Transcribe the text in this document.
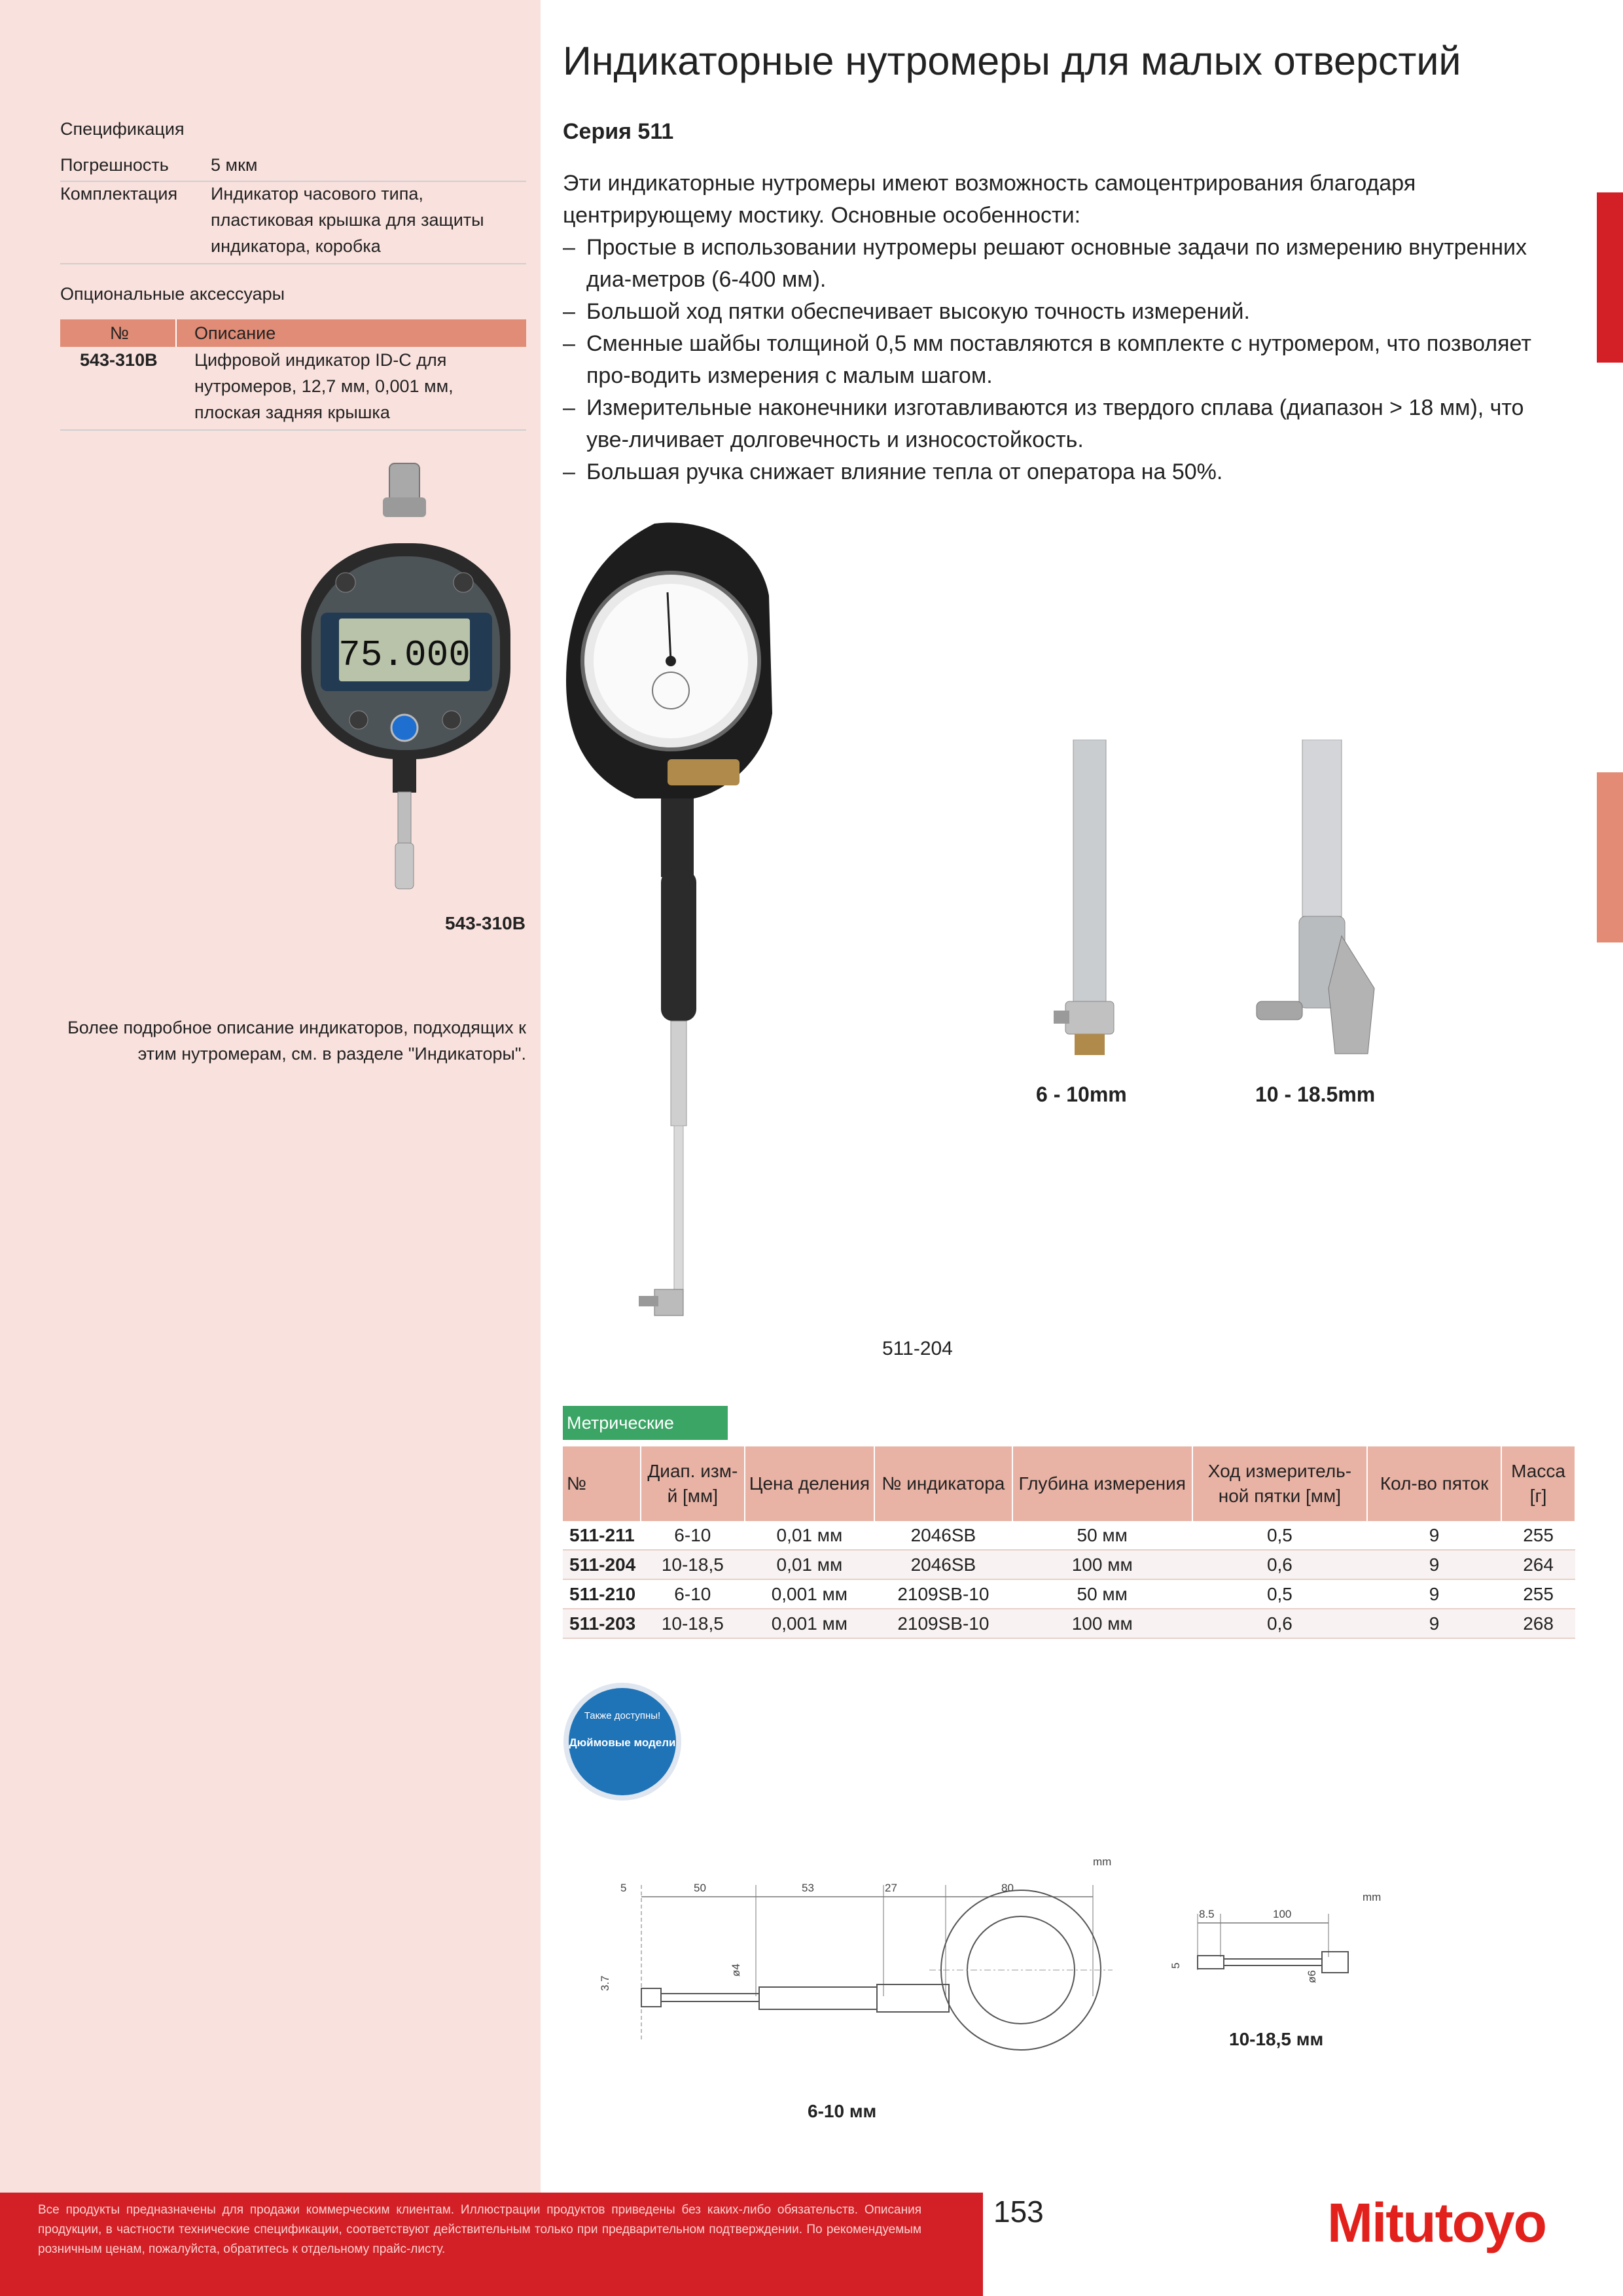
Спецификация
Погрешность	5 мкм
Комплектация	Индикатор часового типа, пластиковая крышка для защиты индикатора, коробка
Опциональные аксессуары
№	Описание
543-310B Цифровой индикатор ID-C для нутромеров, 12,7 мм, 0,001 мм, плоская задняя крышка
75.000
543-310B
Более подробное описание индикаторов, подходящих к этим нутромерам, см. в разделе "Индикаторы".
Индикаторные нутромеры для малых отверстий
Серия 511
Эти индикаторные нутромеры имеют возможность самоцентрирования благодаря центрирующему мостику. Основные особенности:
– Простые в использовании нутромеры решают основные задачи по измерению внутренних диа-метров (6-400 мм).
– Большой ход пятки обеспечивает высокую точность измерений.
– Сменные шайбы толщиной 0,5 мм поставляются в комплекте с нутромером, что позволяет про-водить измерения с малым шагом.
– Измерительные наконечники изготавливаются из твердого сплава (диапазон > 18 мм), что уве-личивает долговечность и износостойкость.
– Большая ручка снижает влияние тепла от оператора на 50%.
511-204
6 - 10mm	10 - 18.5mm
Метрические
№	Диап. изм-й [мм]	Цена деления	№ индикатора	Глубина измерения	Ход измеритель-ной пятки [мм]	Кол-во пяток	Масса [г]
511-211	6-10	0,01 мм	2046SB	50 мм	0,5	9	255
511-204	10-18,5	0,01 мм	2046SB	100 мм	0,6	9	264
511-210	6-10	0,001 мм	2109SB-10	50 мм	0,5	9	255
511-203	10-18,5	0,001 мм	2109SB-10	100 мм	0,6	9	268
Также доступны!
Дюймовые модели
mm
5	50	53	27	80
3.7
ø4
6-10 мм
mm
8.5	100
5
ø6
10-18,5 мм
Все продукты предназначены для продажи коммерческим клиентам. Иллюстрации продуктов приведены без каких-либо обязательств. Описания продукции, в частности технические спецификации, соответствуют действительным только при предварительном подтверждении. По рекомендуемым розничным ценам, пожалуйста, обратитесь к отдельному прайс-листу.
153	Mitutoyo
